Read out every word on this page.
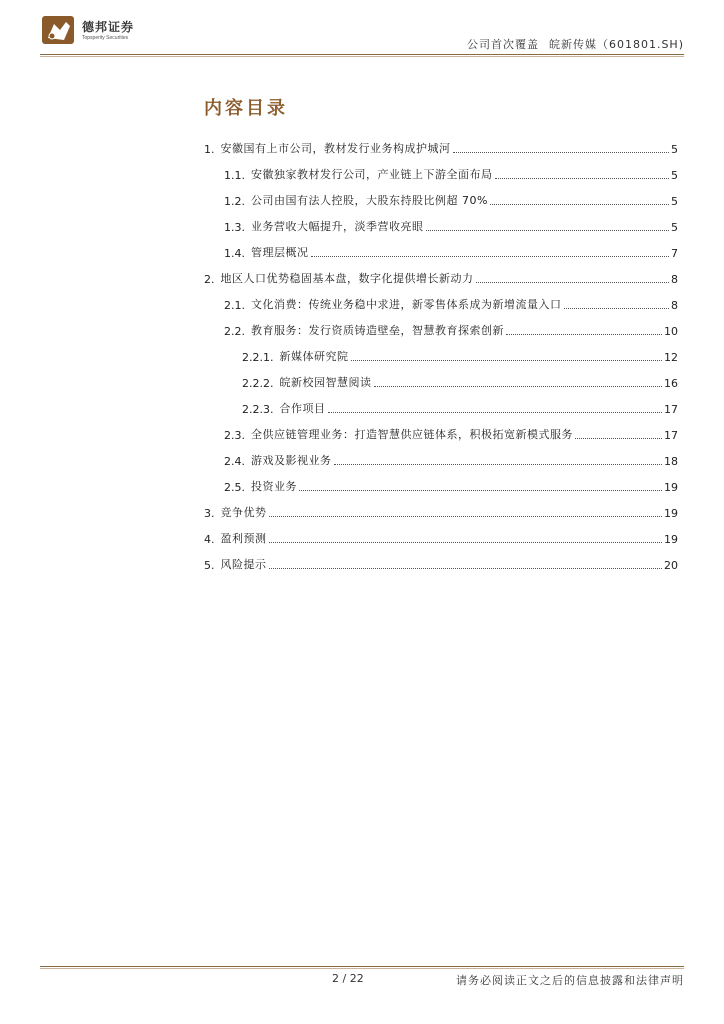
德邦证券
Topsperity Securities	公司首次覆盖 皖新传媒（601801.SH)
内容目录
1. 安徽国有上市公司，教材发行业务构成护城河	5
1.1. 安徽独家教材发行公司，产业链上下游全面布局	5
1.2. 公司由国有法人控股，大股东持股比例超 70%	5
1.3. 业务营收大幅提升，淡季营收亮眼	5
1.4. 管理层概况	7
2. 地区人口优势稳固基本盘，数字化提供增长新动力	8
2.1. 文化消费：传统业务稳中求进，新零售体系成为新增流量入口	8
2.2. 教育服务：发行资质铸造壁垒，智慧教育探索创新	10
2.2.1. 新媒体研究院	12
2.2.2. 皖新校园智慧阅读	16
2.2.3. 合作项目	17
2.3. 全供应链管理业务：打造智慧供应链体系，积极拓宽新模式服务	17
2.4. 游戏及影视业务	18
2.5. 投资业务	19
3. 竞争优势	19
4. 盈利预测	19
5. 风险提示	20
2 / 22	请务必阅读正文之后的信息披露和法律声明
